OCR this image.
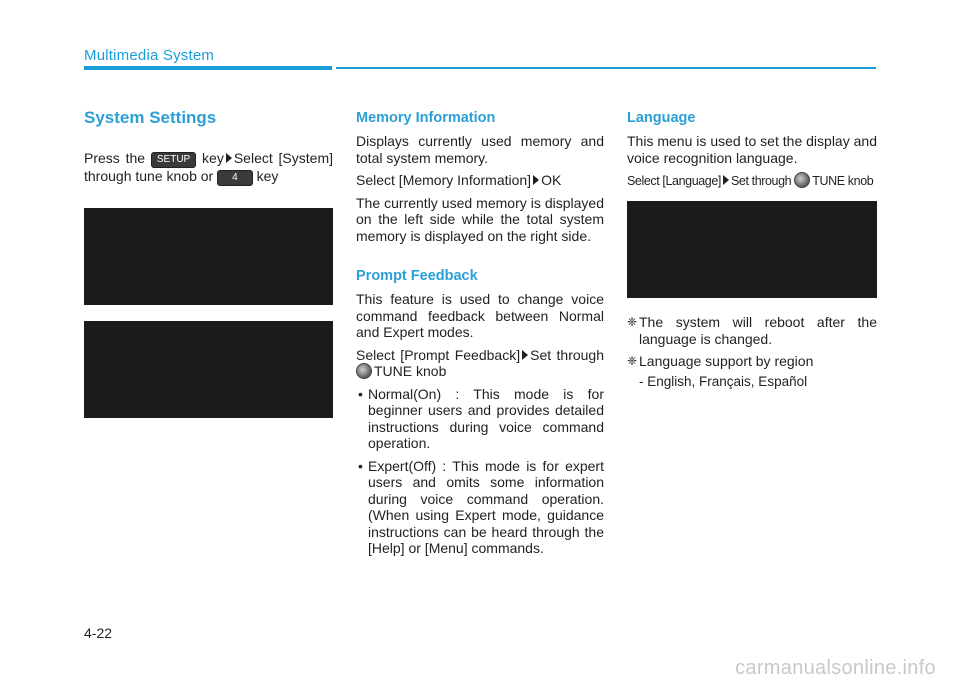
Multimedia System
System Settings

Press the SETUP key Select [System] through tune knob or 4 key

Memory Information

Displays currently used memory and total system memory.

Select [Memory Information] OK

The currently used memory is displayed on the left side while the total system memory is displayed on the right side.

Prompt Feedback

This feature is used to change voice command feedback between Normal and Expert modes.

Select [Prompt Feedback] Set through TUNE knob

• Normal(On) : This mode is for beginner users and provides detailed instructions during voice command operation.
• Expert(Off) : This mode is for expert users and omits some information during voice command operation. (When using Expert mode, guidance instructions can be heard through the [Help] or [Menu] commands.
Language

This menu is used to set the display and voice recognition language.

Select [Language] Set through TUNE knob

❈ The system will reboot after the language is changed.

❈ Language support by region

- English, Français, Español
4-22
carmanualsonline.info
